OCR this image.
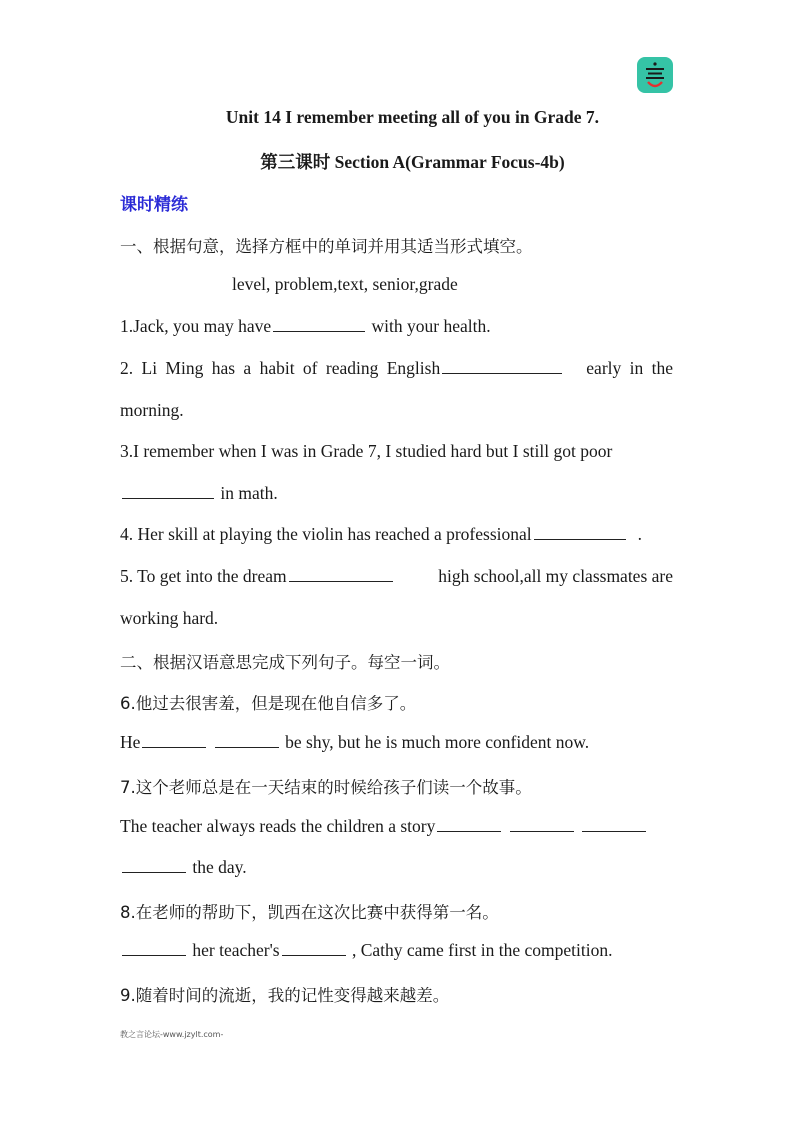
Unit 14 I remember meeting all of you in Grade 7.
第三课时 Section A(Grammar Focus-4b)
课时精练
一、根据句意，选择方框中的单词并用其适当形式填空。
level, problem,text, senior,grade
1.Jack, you may have	with your health.
2. Li Ming has a habit of reading English	early in the
morning.
3.I remember when I was in Grade 7, I studied hard but I still got poor
in math.
4. Her skill at playing the violin has reached a professional	.
5. To get into the dream	high school,all my classmates are
working hard.
二、根据汉语意思完成下列句子。每空一词。
6.他过去很害羞，但是现在他自信多了。
He	be shy, but he is much more confident now.
7.这个老师总是在一天结束的时候给孩子们读一个故事。
The teacher always reads the children a story
the day.
8.在老师的帮助下，凯西在这次比赛中获得第一名。
her teacher's	, Cathy came first in the competition.
9.随着时间的流逝，我的记性变得越来越差。
教之言论坛-www.jzylt.com-
